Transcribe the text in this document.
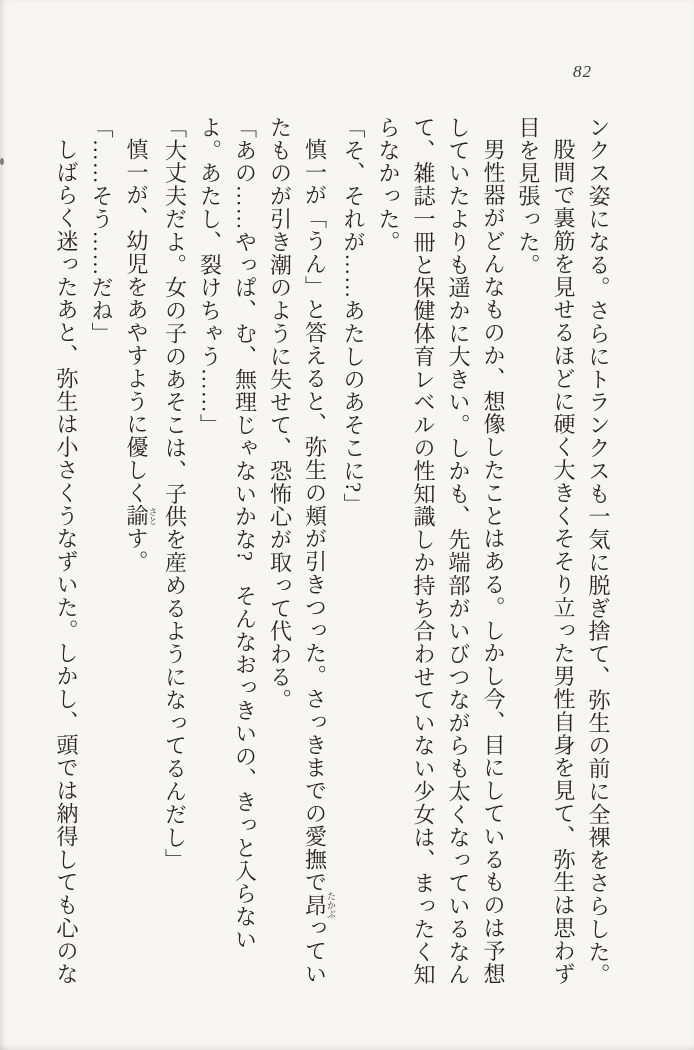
82

ンクス姿になる。さらにトランクスも一気に脱ぎ捨て、弥生の前に全裸をさらした。

股間で裏筋を見せるほどに硬く大きくそそり立った男性自身を見て、弥生は思わず目を見張った。

男性器がどんなものか、想像したことはある。しかし今、目にしているものは予想していたよりも遥かに大きい。しかも、先端部がいびつながらも太くなっているなんて、雑誌一冊と保健体育レベルの性知識しか持ち合わせていない少女は、まったく知らなかった。

「そ、それが……あたしのあそこに?」

慎一が「うん」と答えると、弥生の頬が引きつった。さっきまでの愛撫で昂たかぶっていたものが引き潮のように失せて、恐怖心が取って代わる。

「あの……やっぱ、む、無理じゃないかな?　そんなおっきいの、きっと入らないよ。あたし、裂けちゃう……」

「大丈夫だよ。女の子のあそこは、子供を産めるようになってるんだし」

慎一が、幼児をあやすように優しく諭さとす。

「……そう……だね」

しばらく迷ったあと、弥生は小さくうなずいた。しかし、頭では納得しても心のな
